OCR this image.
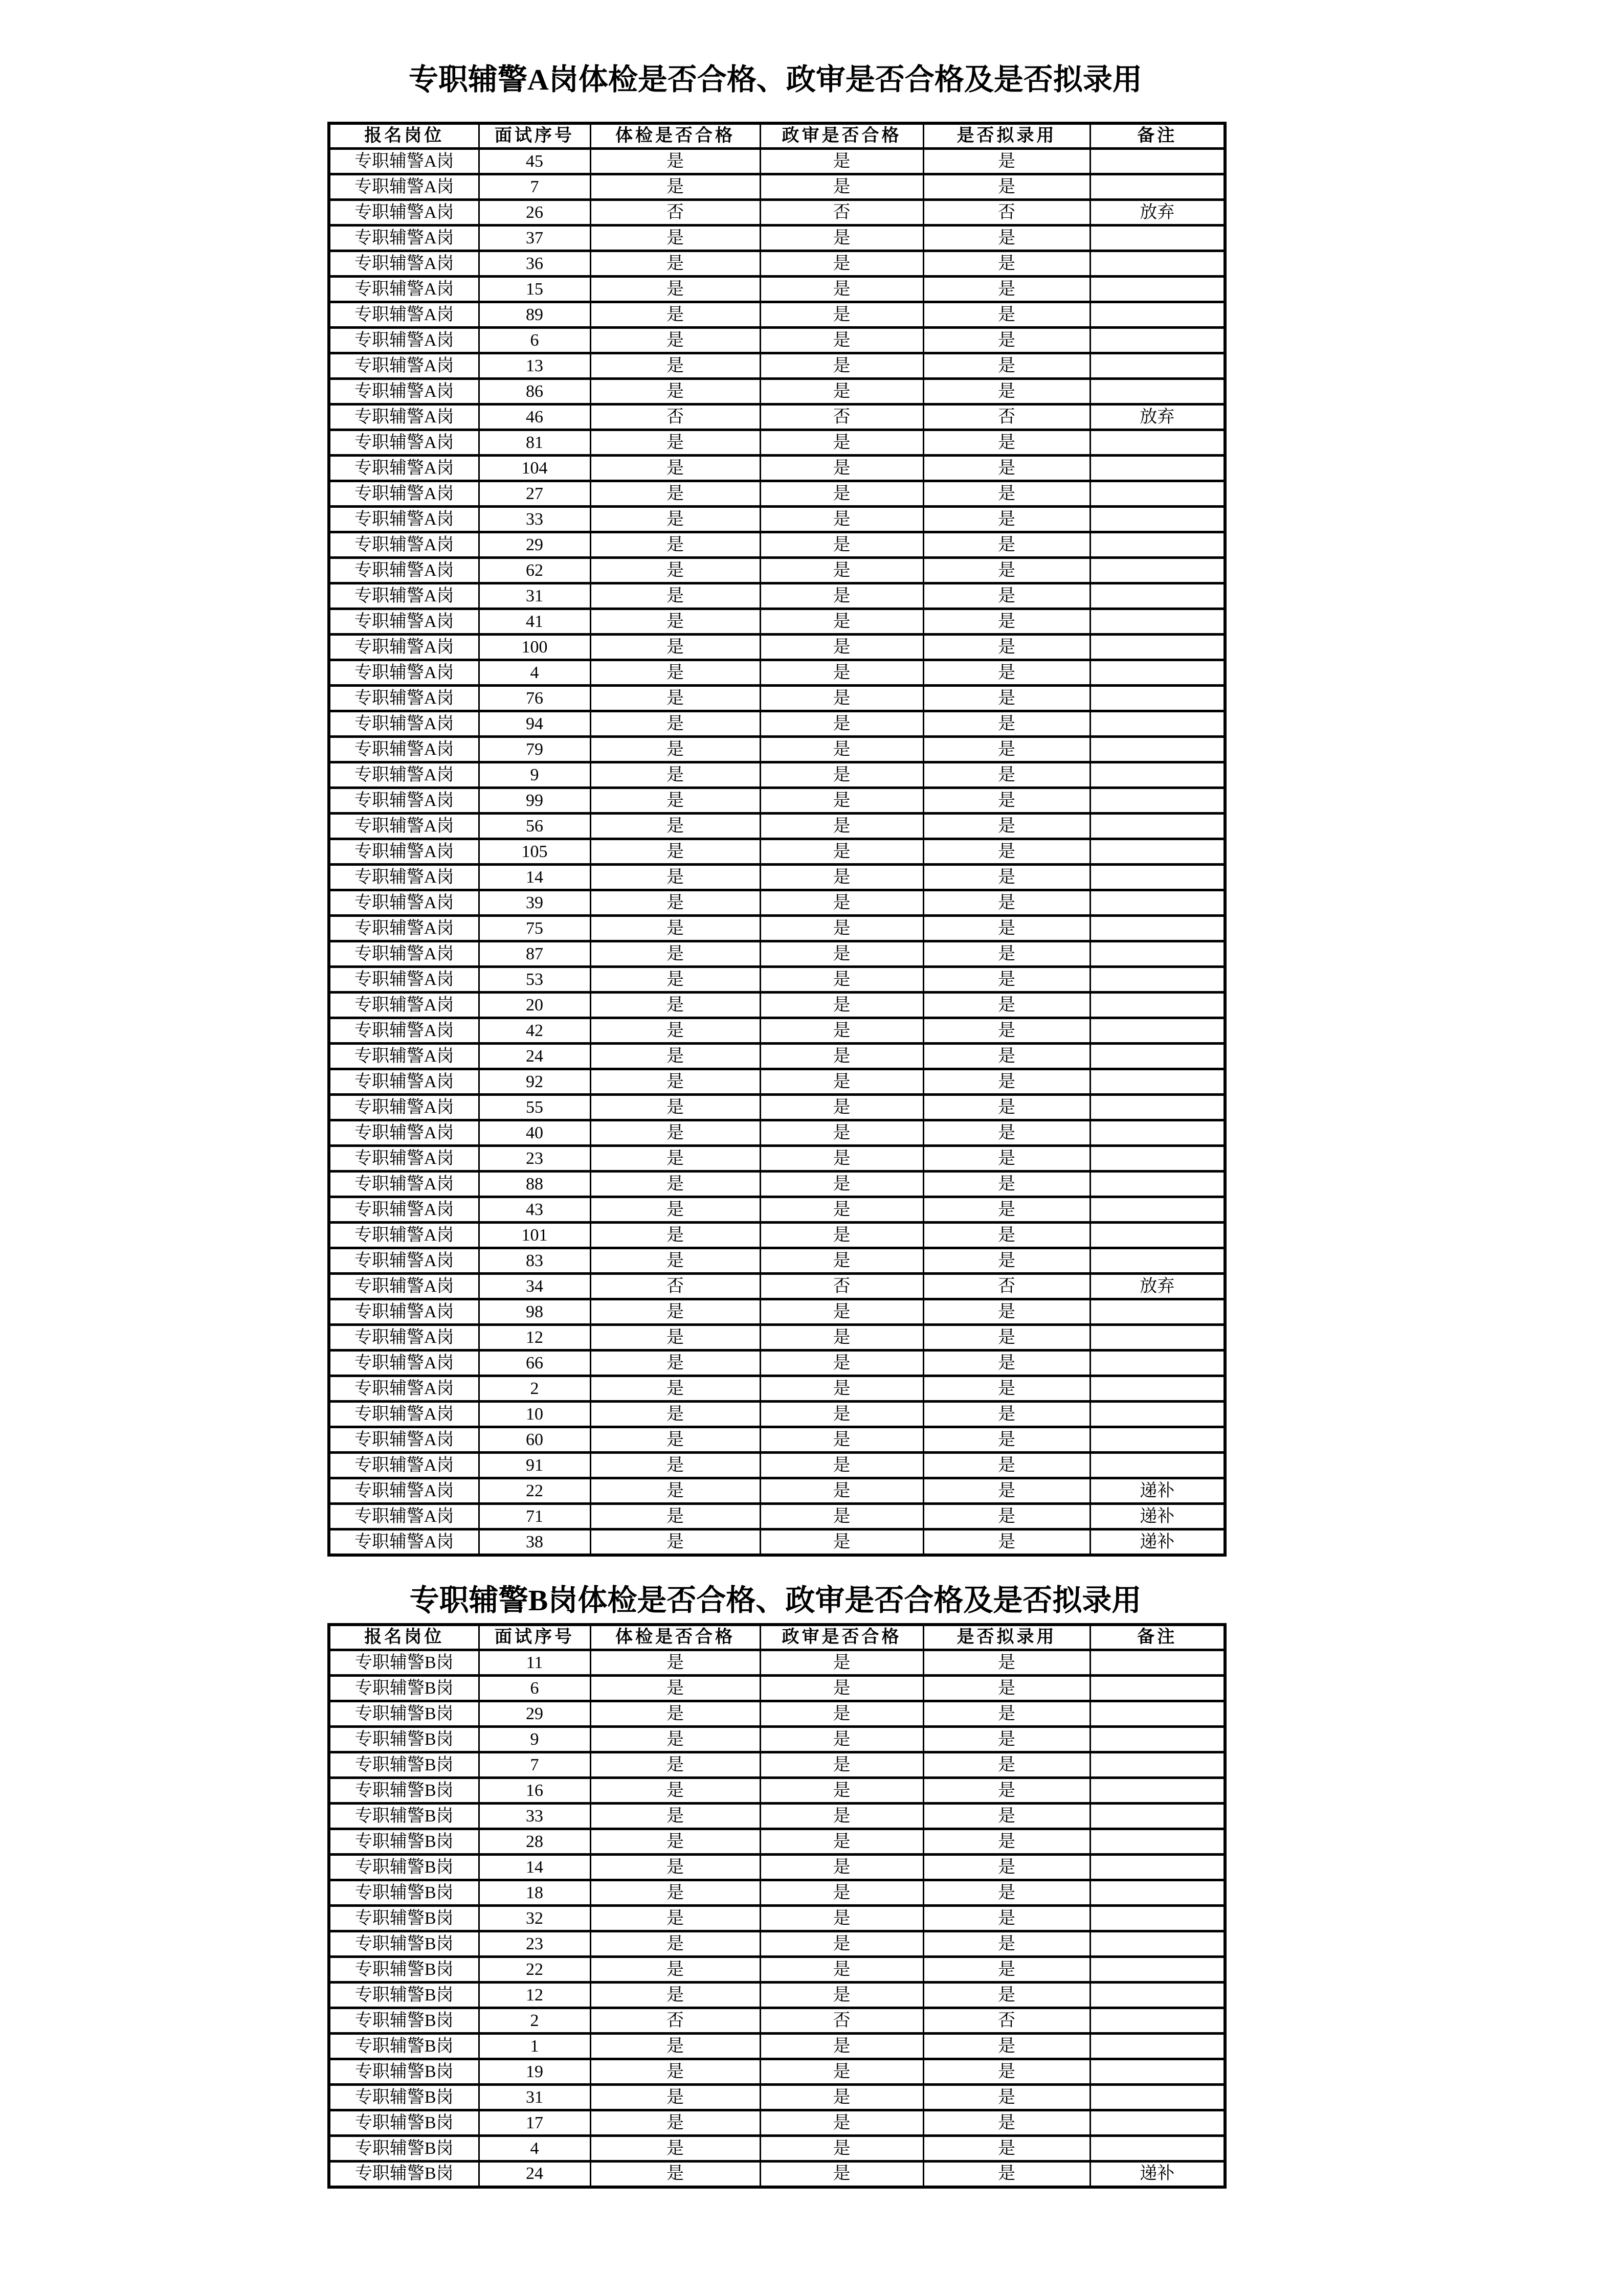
专职辅警A岗体检是否合格、政审是否合格及是否拟录用
报名岗位	面试序号	体检是否合格	政审是否合格	是否拟录用	备注
专职辅警A岗	45	是	是	是	
专职辅警A岗	7	是	是	是	
专职辅警A岗	26	否	否	否	放弃
专职辅警A岗	37	是	是	是	
专职辅警A岗	36	是	是	是	
专职辅警A岗	15	是	是	是	
专职辅警A岗	89	是	是	是	
专职辅警A岗	6	是	是	是	
专职辅警A岗	13	是	是	是	
专职辅警A岗	86	是	是	是	
专职辅警A岗	46	否	否	否	放弃
专职辅警A岗	81	是	是	是	
专职辅警A岗	104	是	是	是	
专职辅警A岗	27	是	是	是	
专职辅警A岗	33	是	是	是	
专职辅警A岗	29	是	是	是	
专职辅警A岗	62	是	是	是	
专职辅警A岗	31	是	是	是	
专职辅警A岗	41	是	是	是	
专职辅警A岗	100	是	是	是	
专职辅警A岗	4	是	是	是	
专职辅警A岗	76	是	是	是	
专职辅警A岗	94	是	是	是	
专职辅警A岗	79	是	是	是	
专职辅警A岗	9	是	是	是	
专职辅警A岗	99	是	是	是	
专职辅警A岗	56	是	是	是	
专职辅警A岗	105	是	是	是	
专职辅警A岗	14	是	是	是	
专职辅警A岗	39	是	是	是	
专职辅警A岗	75	是	是	是	
专职辅警A岗	87	是	是	是	
专职辅警A岗	53	是	是	是	
专职辅警A岗	20	是	是	是	
专职辅警A岗	42	是	是	是	
专职辅警A岗	24	是	是	是	
专职辅警A岗	92	是	是	是	
专职辅警A岗	55	是	是	是	
专职辅警A岗	40	是	是	是	
专职辅警A岗	23	是	是	是	
专职辅警A岗	88	是	是	是	
专职辅警A岗	43	是	是	是	
专职辅警A岗	101	是	是	是	
专职辅警A岗	83	是	是	是	
专职辅警A岗	34	否	否	否	放弃
专职辅警A岗	98	是	是	是	
专职辅警A岗	12	是	是	是	
专职辅警A岗	66	是	是	是	
专职辅警A岗	2	是	是	是	
专职辅警A岗	10	是	是	是	
专职辅警A岗	60	是	是	是	
专职辅警A岗	91	是	是	是	
专职辅警A岗	22	是	是	是	递补
专职辅警A岗	71	是	是	是	递补
专职辅警A岗	38	是	是	是	递补
专职辅警B岗体检是否合格、政审是否合格及是否拟录用
报名岗位	面试序号	体检是否合格	政审是否合格	是否拟录用	备注
专职辅警B岗	11	是	是	是	
专职辅警B岗	6	是	是	是	
专职辅警B岗	29	是	是	是	
专职辅警B岗	9	是	是	是	
专职辅警B岗	7	是	是	是	
专职辅警B岗	16	是	是	是	
专职辅警B岗	33	是	是	是	
专职辅警B岗	28	是	是	是	
专职辅警B岗	14	是	是	是	
专职辅警B岗	18	是	是	是	
专职辅警B岗	32	是	是	是	
专职辅警B岗	23	是	是	是	
专职辅警B岗	22	是	是	是	
专职辅警B岗	12	是	是	是	
专职辅警B岗	2	否	否	否	
专职辅警B岗	1	是	是	是	
专职辅警B岗	19	是	是	是	
专职辅警B岗	31	是	是	是	
专职辅警B岗	17	是	是	是	
专职辅警B岗	4	是	是	是	
专职辅警B岗	24	是	是	是	递补
